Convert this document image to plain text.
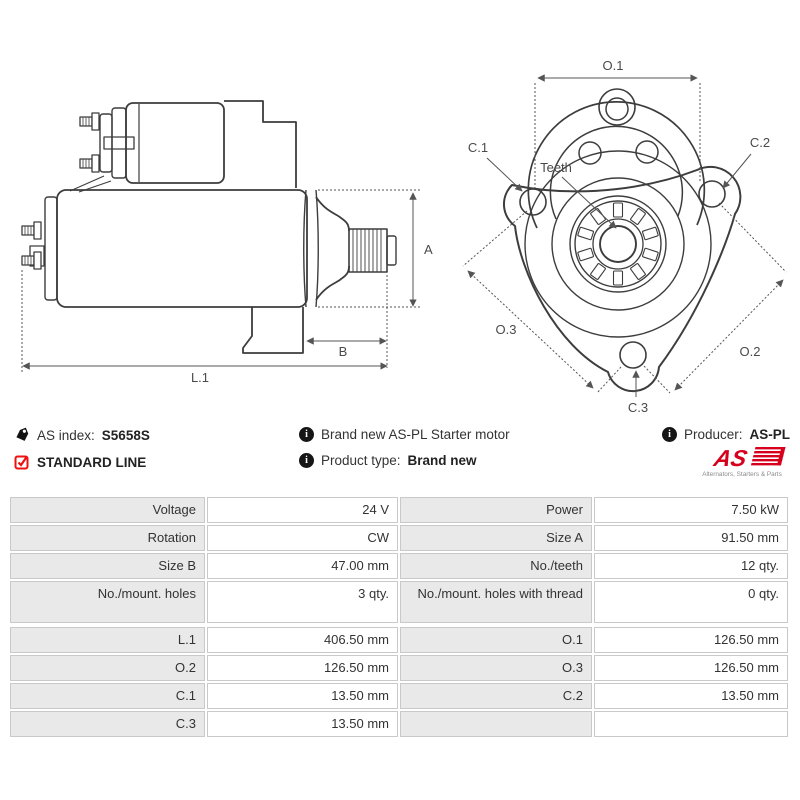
A
B
L.1
O.1
C.1	C.2
Teeth
C.3
O.3
O.2
AS index: S5658S
STANDARD LINE
i Brand new AS-PL Starter motor
i Product type: Brand new
i Producer: AS-PL
AS
Alternators, Starters & Parts
Voltage	24 V	Power	7.50 kW
Rotation	CW	Size A	91.50 mm
Size B	47.00 mm	No./teeth	12 qty.
No./mount. holes	3 qty.	No./mount. holes with thread	0 qty.
L.1	406.50 mm	O.1	126.50 mm
O.2	126.50 mm	O.3	126.50 mm
C.1	13.50 mm	C.2	13.50 mm
C.3	13.50 mm
